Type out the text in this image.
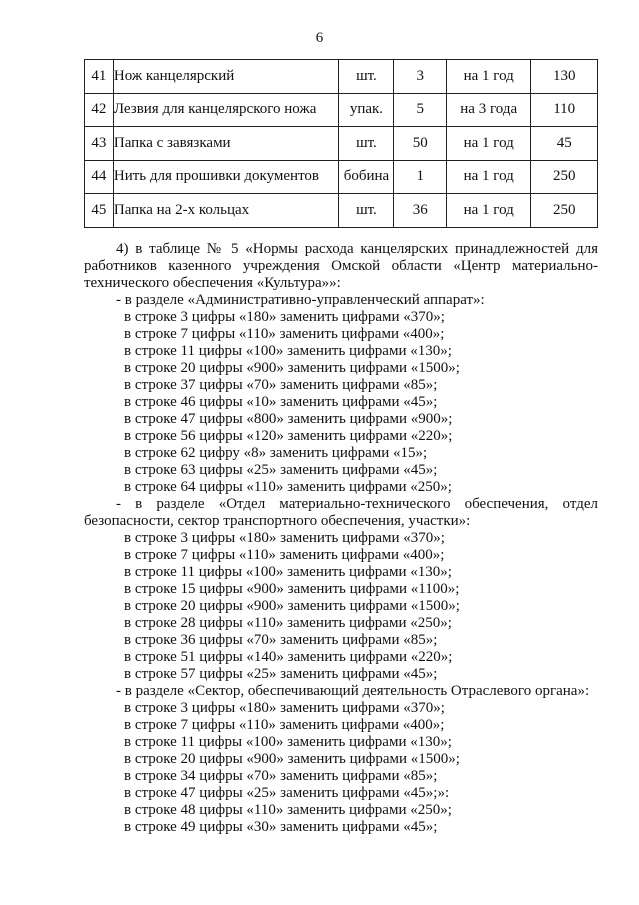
6
41	Нож канцелярский	шт.	3	на 1 год	130
42	Лезвия для канцелярского ножа	упак.	5	на 3 года	110
43	Папка с завязками	шт.	50	на 1 год	45
44	Нить для прошивки документов	бобина	1	на 1 год	250
45	Папка на 2-х кольцах	шт.	36	на 1 год	250

4) в таблице № 5 «Нормы расхода канцелярских принадлежностей для работников казенного учреждения Омской области «Центр материально-технического обеспечения «Культура»»:

- в разделе «Административно-управленческий аппарат»:

в строке 3 цифры «180» заменить цифрами «370»;

в строке 7 цифры «110» заменить цифрами «400»;

в строке 11 цифры «100» заменить цифрами «130»;

в строке 20 цифры «900» заменить цифрами «1500»;

в строке 37 цифры «70» заменить цифрами «85»;

в строке 46 цифры «10» заменить цифрами «45»;

в строке 47 цифры «800» заменить цифрами «900»;

в строке 56 цифры «120» заменить цифрами «220»;

в строке 62 цифру «8» заменить цифрами «15»;

в строке 63 цифры «25» заменить цифрами «45»;

в строке 64 цифры «110» заменить цифрами «250»;

- в разделе «Отдел материально-технического обеспечения, отдел безопасности, сектор транспортного обеспечения, участки»:

в строке 3 цифры «180» заменить цифрами «370»;

в строке 7 цифры «110» заменить цифрами «400»;

в строке 11 цифры «100» заменить цифрами «130»;

в строке 15 цифры «900» заменить цифрами «1100»;

в строке 20 цифры «900» заменить цифрами «1500»;

в строке 28 цифры «110» заменить цифрами «250»;

в строке 36 цифры «70» заменить цифрами «85»;

в строке 51 цифры «140» заменить цифрами «220»;

в строке 57 цифры «25» заменить цифрами «45»;

- в разделе «Сектор, обеспечивающий деятельность Отраслевого органа»:

в строке 3 цифры «180» заменить цифрами «370»;

в строке 7 цифры «110» заменить цифрами «400»;

в строке 11 цифры «100» заменить цифрами «130»;

в строке 20 цифры «900» заменить цифрами «1500»;

в строке 34 цифры «70» заменить цифрами «85»;

в строке 47 цифры «25» заменить цифрами «45»;»:

в строке 48 цифры «110» заменить цифрами «250»;

в строке 49 цифры «30» заменить цифрами «45»;
